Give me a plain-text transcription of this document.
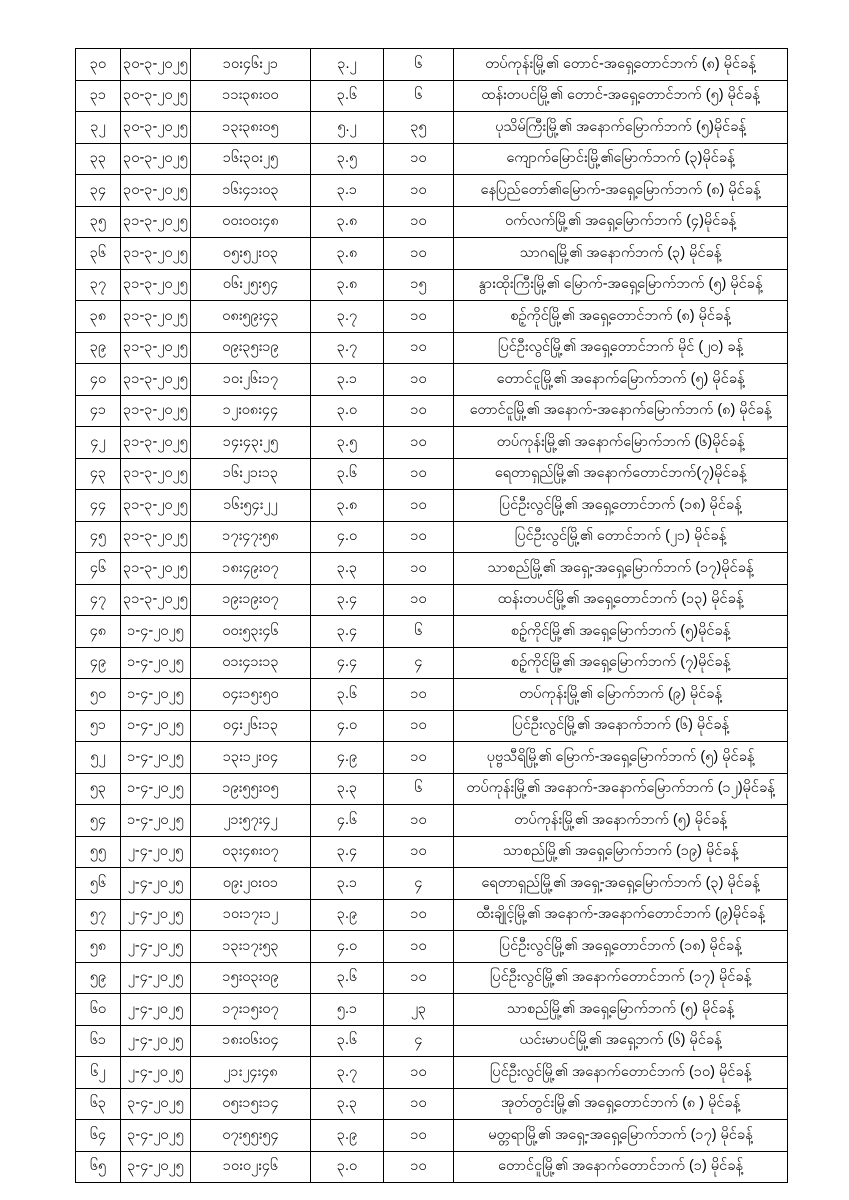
၃၀	၃၀-၃-၂၀၂၅	၁၀း၄၆း၂၁	၃.၂	၆	တပ်ကုန်းမြို့၏ တောင်-အရှေ့တောင်ဘက် (၈) မိုင်ခန့်
၃၁	၃၀-၃-၂၀၂၅	၁၁း၃၈း၀၀	၃.၆	၆	ထန်းတပင်မြို့၏ တောင်-အရှေ့တောင်ဘက် (၅) မိုင်ခန့်
၃၂	၃၀-၃-၂၀၂၅	၁၃း၃၈း၀၅	၅.၂	၃၅	ပုသိမ်ကြီးမြို့၏ အနောက်မြောက်ဘက် (၅)မိုင်ခန့်
၃၃	၃၀-၃-၂၀၂၅	၁၆း၃၀း၂၅	၃.၅	၁၀	ကျောက်မြောင်းမြို့၏မြောက်ဘက် (၃)မိုင်ခန့်
၃၄	၃၀-၃-၂၀၂၅	၁၆း၄၁း၀၃	၃.၁	၁၀	နေပြည်တော်၏မြောက်-အရှေ့မြောက်ဘက် (၈) မိုင်ခန့်
၃၅	၃၁-၃-၂၀၂၅	၀၀း၀၀း၄၈	၃.၈	၁၀	ဝက်လက်မြို့၏ အရှေ့မြောက်ဘက် (၄)မိုင်ခန့်
၃၆	၃၁-၃-၂၀၂၅	၀၅း၅၂း၀၃	၃.၈	၁၀	သာဂရမြို့၏ အနောက်ဘက် (၃) မိုင်ခန့်
၃၇	၃၁-၃-၂၀၂၅	၀၆း၂၅း၅၄	၃.၈	၁၅	နွားထိုးကြီးမြို့၏ မြောက်-အရှေ့မြောက်ဘက် (၅) မိုင်ခန့်
၃၈	၃၁-၃-၂၀၂၅	၀၈း၅၉း၄၃	၃.၇	၁၀	စဉ့်ကိုင်မြို့၏ အရှေ့တောင်ဘက် (၈) မိုင်ခန့်
၃၉	၃၁-၃-၂၀၂၅	၀၉း၃၅း၁၉	၃.၇	၁၀	ပြင်ဦးလွင်မြို့၏ အရှေ့တောင်ဘက် မိုင် (၂၀) ခန့်
၄၀	၃၁-၃-၂၀၂၅	၁၀း၂၆း၁၇	၃.၁	၁၀	တောင်ငူမြို့၏ အနောက်မြောက်ဘက် (၅) မိုင်ခန့်
၄၁	၃၁-၃-၂၀၂၅	၁၂း၀၈း၄၄	၃.၀	၁၀	တောင်ငူမြို့၏ အနောက်-အနောက်မြောက်ဘက် (၈) မိုင်ခန့်
၄၂	၃၁-၃-၂၀၂၅	၁၄း၄၃း၂၅	၃.၅	၁၀	တပ်ကုန်းမြို့၏ အနောက်မြောက်ဘက် (၆)မိုင်ခန့်
၄၃	၃၁-၃-၂၀၂၅	၁၆း၂၁း၁၃	၃.၆	၁၀	ရေတာရှည်မြို့၏ အနောက်တောင်ဘက်(၇)မိုင်ခန့်
၄၄	၃၁-၃-၂၀၂၅	၁၆း၅၄း၂၂	၃.၈	၁၀	ပြင်ဦးလွင်မြို့၏ အရှေ့တောင်ဘက် (၁၈) မိုင်ခန့်
၄၅	၃၁-၃-၂၀၂၅	၁၇း၄၇း၅၈	၄.၀	၁၀	ပြင်ဦးလွင်မြို့၏ တောင်ဘက် (၂၁) မိုင်ခန့်
၄၆	၃၁-၃-၂၀၂၅	၁၈း၄၉း၀၇	၃.၃	၁၀	သာစည်မြို့၏ အရှေ့-အရှေ့မြောက်ဘက် (၁၇)မိုင်ခန့်
၄၇	၃၁-၃-၂၀၂၅	၁၉း၁၉း၀၇	၃.၄	၁၀	ထန်းတပင်မြို့၏ အရှေ့တောင်ဘက် (၁၃) မိုင်ခန့်
၄၈	၁-၄-၂၀၂၅	၀၀း၅၃း၄၆	၃.၄	၆	စဉ့်ကိုင်မြို့၏ အရှေ့မြောက်ဘက် (၅)မိုင်ခန့်
၄၉	၁-၄-၂၀၂၅	၀၁း၄၁း၁၃	၄.၄	၄	စဉ့်ကိုင်မြို့၏ အရှေ့မြောက်ဘက် (၇)မိုင်ခန့်
၅၀	၁-၄-၂၀၂၅	၀၄း၁၅း၅၀	၃.၆	၁၀	တပ်ကုန်းမြို့၏ မြောက်ဘက် (၉) မိုင်ခန့်
၅၁	၁-၄-၂၀၂၅	၀၄း၂၆း၁၃	၄.၀	၁၀	ပြင်ဦးလွင်မြို့၏ အနောက်ဘက် (၆) မိုင်ခန့်
၅၂	၁-၄-၂၀၂၅	၁၃း၁၂း၀၄	၄.၉	၁၀	ပုဗ္ဗသီရိမြို့၏ မြောက်-အရှေ့မြောက်ဘက် (၅) မိုင်ခန့်
၅၃	၁-၄-၂၀၂၅	၁၉း၅၅း၀၅	၃.၃	၆	တပ်ကုန်းမြို့၏ အနောက်-အနောက်မြောက်ဘက် (၁၂)မိုင်ခန့်
၅၄	၁-၄-၂၀၂၅	၂၁း၅၇း၄၂	၄.၆	၁၀	တပ်ကုန်းမြို့၏ အနောက်ဘက် (၅) မိုင်ခန့်
၅၅	၂-၄-၂၀၂၅	၀၃း၄၈း၀၇	၃.၄	၁၀	သာစည်မြို့၏ အရှေ့မြောက်ဘက် (၁၉) မိုင်ခန့်
၅၆	၂-၄-၂၀၂၅	၀၉း၂၀း၀၁	၃.၁	၄	ရေတာရှည်မြို့၏ အရှေ့-အရှေ့မြောက်ဘက် (၃) မိုင်ခန့်
၅၇	၂-၄-၂၀၂၅	၁၀း၁၇း၁၂	၃.၉	၁၀	ထီးချိုင့်မြို့၏ အနောက်-အနောက်တောင်ဘက် (၉)မိုင်ခန့်
၅၈	၂-၄-၂၀၂၅	၁၃း၁၇း၅၃	၄.၀	၁၀	ပြင်ဦးလွင်မြို့၏ အရှေ့တောင်ဘက် (၁၈) မိုင်ခန့်
၅၉	၂-၄-၂၀၂၅	၁၅း၀၃း၀၉	၃.၆	၁၀	ပြင်ဦးလွင်မြို့၏ အနောက်တောင်ဘက် (၁၇) မိုင်ခန့်
၆၀	၂-၄-၂၀၂၅	၁၇း၁၅း၀၇	၅.၁	၂၃	သာစည်မြို့၏ အရှေ့မြောက်ဘက် (၅) မိုင်ခန့်
၆၁	၂-၄-၂၀၂၅	၁၈း၀၆း၀၄	၃.၆	၄	ယင်းမာပင်မြို့၏ အရှေ့ဘက် (၆) မိုင်ခန့်
၆၂	၂-၄-၂၀၂၅	၂၁း၂၄း၄၈	၃.၇	၁၀	ပြင်ဦးလွင်မြို့၏ အနောက်တောင်ဘက် (၁၀) မိုင်ခန့်
၆၃	၃-၄-၂၀၂၅	၀၅း၁၅း၁၄	၃.၃	၁၀	အုတ်တွင်းမြို့၏ အရှေ့တောင်ဘက် (၈ ) မိုင်ခန့်
၆၄	၃-၄-၂၀၂၅	၀၇း၅၅း၅၄	၃.၉	၁၀	မတ္တရာမြို့၏ အရှေ့-အရှေ့မြောက်ဘက် (၁၇) မိုင်ခန့်
၆၅	၃-၄-၂၀၂၅	၁၀း၀၂း၄၆	၃.၀	၁၀	တောင်ငူမြို့၏ အနောက်တောင်ဘက် (၁) မိုင်ခန့်
